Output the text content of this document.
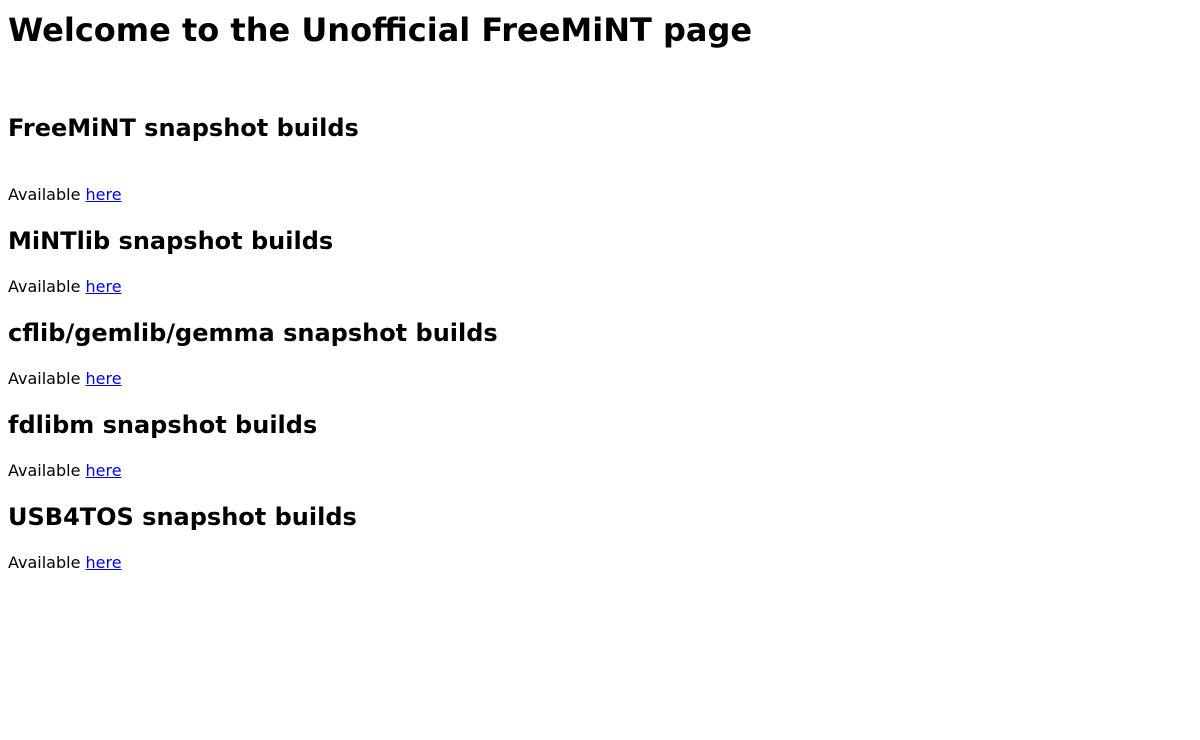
Welcome to the Unofficial FreeMiNT page
FreeMiNT snapshot builds

Available here

MiNTlib snapshot builds

Available here

cflib/gemlib/gemma snapshot builds

Available here

fdlibm snapshot builds

Available here

USB4TOS snapshot builds

Available here
